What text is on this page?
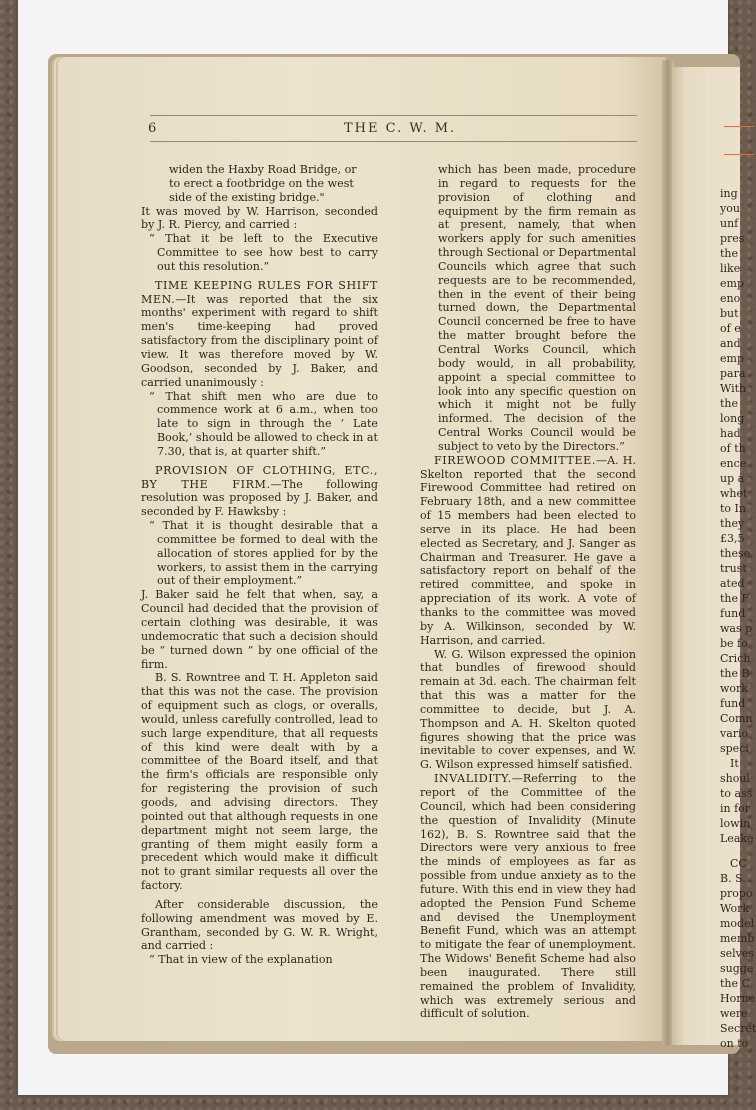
6	THE C. W. M.

widen the Haxby Road Bridge, or

to erect a footbridge on the west

side of the existing bridge."

It was moved by W. Harrison, seconded by J. R. Piercy, and carried :

“ That it be left to the Executive Committee to see how best to carry out this resolution.”

TIME KEEPING RULES FOR SHIFT MEN.—It was reported that the six months' experiment with regard to shift men's time-keeping had proved satisfactory from the disciplinary point of view. It was therefore moved by W. Goodson, seconded by J. Baker, and carried unanimously :

“ That shift men who are due to commence work at 6 a.m., when too late to sign in through the ‘ Late Book,’ should be allowed to check in at 7.30, that is, at quarter shift.”

PROVISION OF CLOTHING, ETC., BY THE FIRM.—The following resolution was proposed by J. Baker, and seconded by F. Hawksby :

“ That it is thought desirable that a committee be formed to deal with the allocation of stores applied for by the workers, to assist them in the carrying out of their employment.”

J. Baker said he felt that when, say, a Council had decided that the provision of certain clothing was desirable, it was undemocratic that such a decision should be “ turned down ” by one official of the firm.

B. S. Rowntree and T. H. Appleton said that this was not the case. The provision of equipment such as clogs, or overalls, would, unless carefully controlled, lead to such large expenditure, that all requests of this kind were dealt with by a committee of the Board itself, and that the firm's officials are responsible only for registering the provision of such goods, and advising directors. They pointed out that although requests in one department might not seem large, the granting of them might easily form a precedent which would make it difficult not to grant similar requests all over the factory.

After considerable discussion, the following amendment was moved by E. Grantham, seconded by G. W. R. Wright, and carried :

“ That in view of the explanation

which has been made, procedure in regard to requests for the provision of clothing and equipment by the firm remain as at present, namely, that when workers apply for such amenities through Sectional or Departmental Councils which agree that such requests are to be recommended, then in the event of their being turned down, the Departmental Council concerned be free to have the matter brought before the Central Works Council, which body would, in all probability, appoint a special committee to look into any specific question on which it might not be fully informed. The decision of the Central Works Council would be subject to veto by the Directors.”

FIREWOOD COMMITTEE.—A. H. Skelton reported that the second Firewood Committee had retired on February 18th, and a new committee of 15 members had been elected to serve in its place. He had been elected as Secretary, and J. Sanger as Chairman and Treasurer. He gave a satisfactory report on behalf of the retired committee, and spoke in appreciation of its work. A vote of thanks to the committee was moved by A. Wilkinson, seconded by W. Harrison, and carried.

W. G. Wilson expressed the opinion that bundles of firewood should remain at 3d. each. The chairman felt that this was a matter for the committee to decide, but J. A. Thompson and A. H. Skelton quoted figures showing that the price was inevitable to cover expenses, and W. G. Wilson expressed himself satisfied.

INVALIDITY.—Referring to the report of the Committee of the Council, which had been considering the question of Invalidity (Minute 162), B. S. Rowntree said that the Directors were very anxious to free the minds of employees as far as possible from undue anxiety as to the future. With this end in view they had adopted the Pension Fund Scheme and devised the Unemployment Benefit Fund, which was an attempt to mitigate the fear of unemployment. The Widows' Benefit Scheme had also been inaugurated. There still remained the problem of Invalidity, which was extremely serious and difficult of solution.

ing
you
unf
pres
the
like
emp
eno
but
of e
and
emp
para
With
the
long
had
of th
ence
up a
whet
to In
they
£3,5
these
trust
ated
the F
fund
was p
be fo
Crich
the B
work
fund
Comn
vario
speci
It
shoul
to ass
in for
lowin
Leake
CC
B. S.
propo
Work
model
memb
selves
sugge
the C
Horne
were
Secret
on to
